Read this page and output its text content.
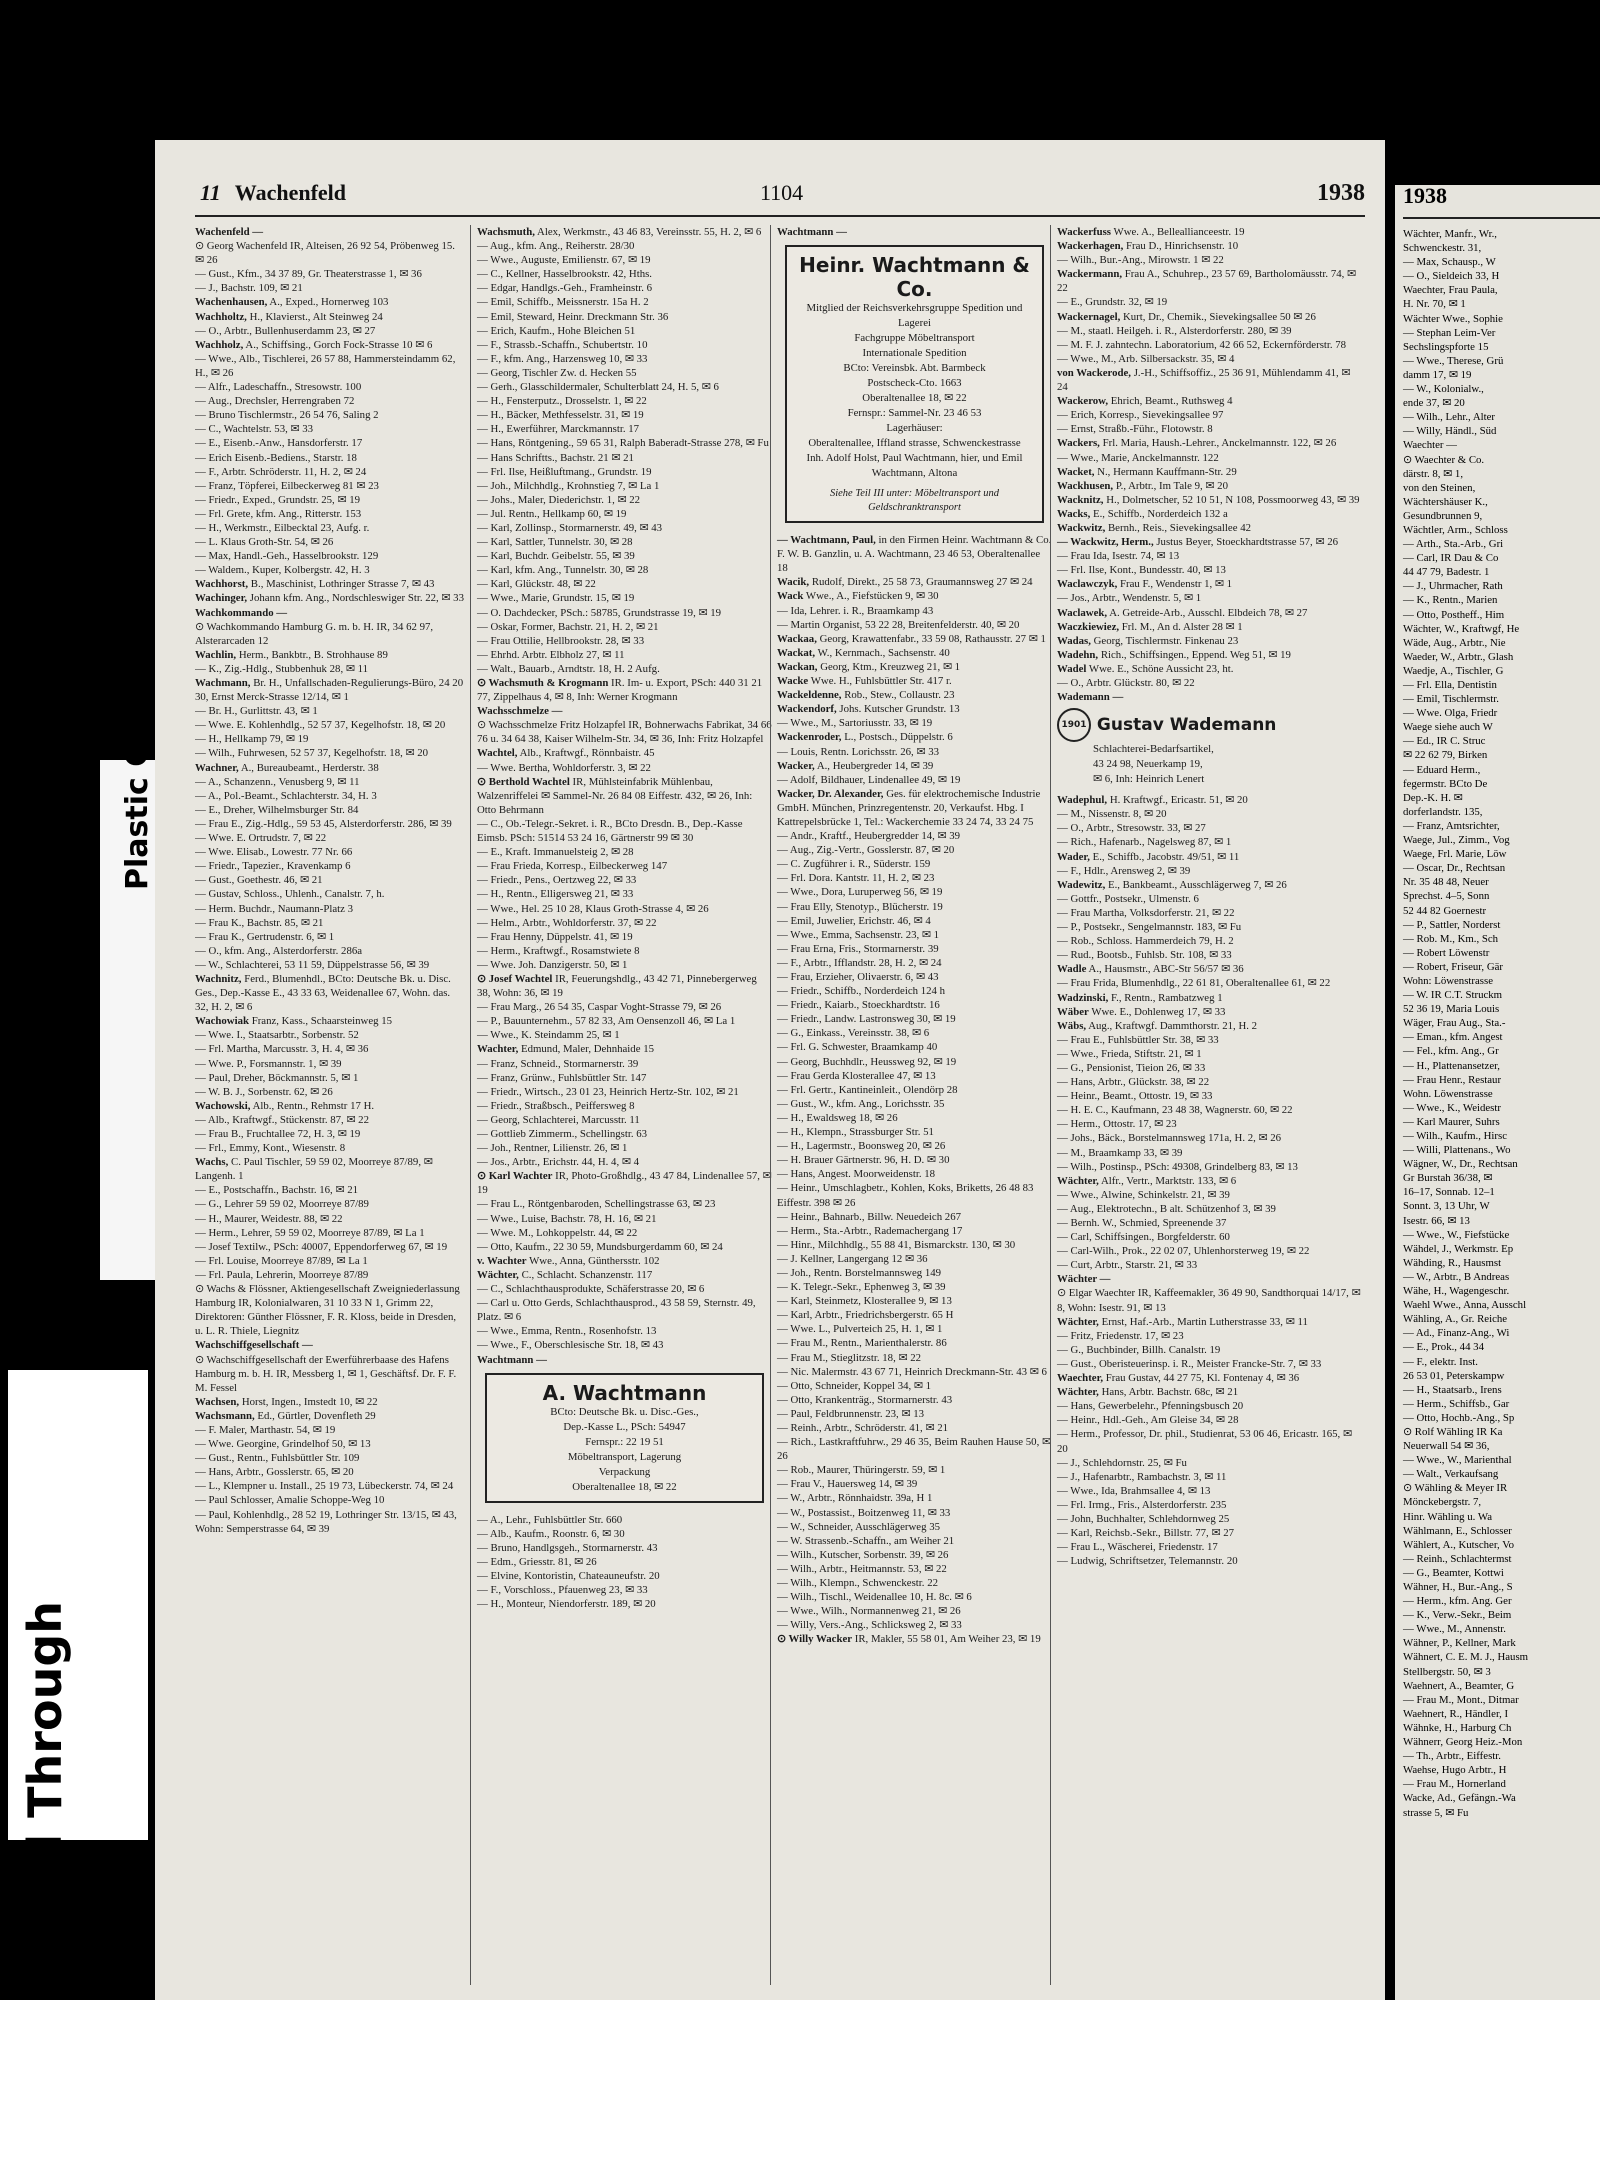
11 Wachenfeld	1104	1938
Wachenfeld —
⊙ Georg Wachenfeld IR, Alteisen, 26 92 54, Pröbenweg 15. ✉ 26
— Gust., Kfm., 34 37 89, Gr. Theaterstrasse 1, ✉ 36
— J., Bachstr. 109, ✉ 21
Wachenhausen, A., Exped., Hornerweg 103
Wachholtz, H., Klavierst., Alt Steinweg 24
— O., Arbtr., Bullenhuserdamm 23, ✉ 27
Wachholz, A., Schiffsing., Gorch Fock-Strasse 10 ✉ 6
— Wwe., Alb., Tischlerei, 26 57 88, Hammersteindamm 62, H., ✉ 26
— Alfr., Ladeschaffn., Stresowstr. 100
— Aug., Drechsler, Herrengraben 72
— Bruno Tischlermstr., 26 54 76, Saling 2
— C., Wachtelstr. 53, ✉ 33
— E., Eisenb.-Anw., Hansdorferstr. 17
— Erich Eisenb.-Bediens., Starstr. 18
— F., Arbtr. Schröderstr. 11, H. 2, ✉ 24
— Franz, Töpferei, Eilbeckerweg 81 ✉ 23
— Friedr., Exped., Grundstr. 25, ✉ 19
— Frl. Grete, kfm. Ang., Ritterstr. 153
— H., Werkmstr., Eilbecktal 23, Aufg. r.
— L. Klaus Groth-Str. 54, ✉ 26
— Max, Handl.-Geh., Hasselbrookstr. 129
— Waldem., Kuper, Kolbergstr. 42, H. 3
Wachhorst, B., Maschinist, Lothringer Strasse 7, ✉ 43
Wachinger, Johann kfm. Ang., Nordschleswiger Str. 22, ✉ 33
Wachkommando —
⊙ Wachkommando Hamburg G. m. b. H. IR, 34 62 97, Alsterarcaden 12
Wachlin, Herm., Bankbtr., B. Strohhause 89
— K., Zig.-Hdlg., Stubbenhuk 28, ✉ 11
Wachmann, Br. H., Unfallschaden-Regulierungs-Büro, 24 20 30, Ernst Merck-Strasse 12/14, ✉ 1
— Br. H., Gurlittstr. 43, ✉ 1
— Wwe. E. Kohlenhdlg., 52 57 37, Kegelhofstr. 18, ✉ 20
— H., Hellkamp 79, ✉ 19
— Wilh., Fuhrwesen, 52 57 37, Kegelhofstr. 18, ✉ 20
Wachner, A., Bureaubeamt., Herderstr. 38
— A., Schanzenn., Venusberg 9, ✉ 11
— A., Pol.-Beamt., Schlachterstr. 34, H. 3
— E., Dreher, Wilhelmsburger Str. 84
— Frau E., Zig.-Hdlg., 59 53 45, Alsterdorferstr. 286, ✉ 39
— Wwe. E. Ortrudstr. 7, ✉ 22
— Wwe. Elisab., Lowestr. 77 Nr. 66
— Friedr., Tapezier., Kravenkamp 6
— Gust., Goethestr. 46, ✉ 21
— Gustav, Schloss., Uhlenh., Canalstr. 7, h.
— Herm. Buchdr., Naumann-Platz 3
— Frau K., Bachstr. 85, ✉ 21
— Frau K., Gertrudenstr. 6, ✉ 1
— O., kfm. Ang., Alsterdorferstr. 286a
— W., Schlachterei, 53 11 59, Düppelstrasse 56, ✉ 39
Wachnitz, Ferd., Blumenhdl., BCto: Deutsche Bk. u. Disc. Ges., Dep.-Kasse E., 43 33 63, Weidenallee 67, Wohn. das. 32, H. 2, ✉ 6
Wachowiak Franz, Kass., Schaarsteinweg 15
— Wwe. I., Staatsarbtr., Sorbenstr. 52
— Frl. Martha, Marcusstr. 3, H. 4, ✉ 36
— Wwe. P., Forsmannstr. 1, ✉ 39
— Paul, Dreher, Böckmannstr. 5, ✉ 1
— W. B. J., Sorbenstr. 62, ✉ 26
Wachowski, Alb., Rentn., Rehmstr 17 H.
— Alb., Kraftwgf., Stückenstr. 87, ✉ 22
— Frau B., Fruchtallee 72, H. 3, ✉ 19
— Frl., Emmy, Kont., Wiesenstr. 8
Wachs, C. Paul Tischler, 59 59 02, Moorreye 87/89, ✉ Langenh. 1
— E., Postschaffn., Bachstr. 16, ✉ 21
— G., Lehrer 59 59 02, Moorreye 87/89
— H., Maurer, Weidestr. 88, ✉ 22
— Herm., Lehrer, 59 59 02, Moorreye 87/89, ✉ La 1
— Josef Textilw., PSch: 40007, Eppendorferweg 67, ✉ 19
— Frl. Louise, Moorreye 87/89, ✉ La 1
— Frl. Paula, Lehrerin, Moorreye 87/89
⊙ Wachs & Flössner, Aktiengesellschaft Zweigniederlassung Hamburg IR, Kolonialwaren, 31 10 33 N 1, Grimm 22, Direktoren: Günther Flössner, F. R. Kloss, beide in Dresden, u. L. R. Thiele, Liegnitz
Wachschiffgesellschaft —
⊙ Wachschiffgesellschaft der Ewerführerbaase des Hafens Hamburg m. b. H. IR, Messberg 1, ✉ 1, Geschäftsf. Dr. F. F. M. Fessel
Wachsen, Horst, Ingen., Imstedt 10, ✉ 22
Wachsmann, Ed., Gürtler, Dovenfleth 29
— F. Maler, Marthastr. 54, ✉ 19
— Wwe. Georgine, Grindelhof 50, ✉ 13
— Gust., Rentn., Fuhlsbüttler Str. 109
— Hans, Arbtr., Gosslerstr. 65, ✉ 20
— L., Klempner u. Install., 25 19 73, Lübeckerstr. 74, ✉ 24
— Paul Schlosser, Amalie Schoppe-Weg 10
— Paul, Kohlenhdlg., 28 52 19, Lothringer Str. 13/15, ✉ 43, Wohn: Semperstrasse 64, ✉ 39
Wachsmuth, Alex, Werkmstr., 43 46 83, Vereinsstr. 55, H. 2, ✉ 6
— Aug., kfm. Ang., Reiherstr. 28/30
— Wwe., Auguste, Emilienstr. 67, ✉ 19
— C., Kellner, Hasselbrookstr. 42, Hths.
— Edgar, Handlgs.-Geh., Framheinstr. 6
— Emil, Schiffb., Meissnerstr. 15a H. 2
— Emil, Steward, Heinr. Dreckmann Str. 36
— Erich, Kaufm., Hohe Bleichen 51
— F., Strassb.-Schaffn., Schubertstr. 10
— F., kfm. Ang., Harzensweg 10, ✉ 33
— Georg, Tischler Zw. d. Hecken 55
— Gerh., Glasschildermaler, Schulterblatt 24, H. 5, ✉ 6
— H., Fensterputz., Drosselstr. 1, ✉ 22
— H., Bäcker, Methfesselstr. 31, ✉ 19
— H., Ewerführer, Marckmannstr. 17
— Hans, Röntgening., 59 65 31, Ralph Baberadt-Strasse 278, ✉ Fu
— Hans Schriftts., Bachstr. 21 ✉ 21
— Frl. Ilse, Heißluftmang., Grundstr. 19
— Joh., Milchhdlg., Krohnstieg 7, ✉ La 1
— Johs., Maler, Diederichstr. 1, ✉ 22
— Jul. Rentn., Hellkamp 60, ✉ 19
— Karl, Zollinsp., Stormarnerstr. 49, ✉ 43
— Karl, Sattler, Tunnelstr. 30, ✉ 28
— Karl, Buchdr. Geibelstr. 55, ✉ 39
— Karl, kfm. Ang., Tunnelstr. 30, ✉ 28
— Karl, Glückstr. 48, ✉ 22
— Wwe., Marie, Grundstr. 15, ✉ 19
— O. Dachdecker, PSch.: 58785, Grundstrasse 19, ✉ 19
— Oskar, Former, Bachstr. 21, H. 2, ✉ 21
— Frau Ottilie, Hellbrookstr. 28, ✉ 33
— Ehrhd. Arbtr. Elbholz 27, ✉ 11
— Walt., Bauarb., Arndtstr. 18, H. 2 Aufg.
⊙ Wachsmuth & Krogmann IR. Im- u. Export, PSch: 440 31 21 77, Zippelhaus 4, ✉ 8, Inh: Werner Krogmann
Wachsschmelze —
⊙ Wachsschmelze Fritz Holzapfel IR, Bohnerwachs Fabrikat, 34 66 76 u. 34 64 38, Kaiser Wilhelm-Str. 34, ✉ 36, Inh: Fritz Holzapfel
Wachtel, Alb., Kraftwgf., Rönnbaistr. 45
— Wwe. Bertha, Wohldorferstr. 3, ✉ 22
⊙ Berthold Wachtel IR, Mühlsteinfabrik Mühlenbau, Walzenriffelei ✉ Sammel-Nr. 26 84 08 Eiffestr. 432, ✉ 26, Inh: Otto Behrmann
— C., Ob.-Telegr.-Sekret. i. R., BCto Dresdn. B., Dep.-Kasse Eimsb. PSch: 51514 53 24 16, Gärtnerstr 99 ✉ 30
— E., Kraft. Immanuelsteig 2, ✉ 28
— Frau Frieda, Korresp., Eilbeckerweg 147
— Friedr., Pens., Oertzweg 22, ✉ 33
— H., Rentn., Elligersweg 21, ✉ 33
— Wwe., Hel. 25 10 28, Klaus Groth-Strasse 4, ✉ 26
— Helm., Arbtr., Wohldorferstr. 37, ✉ 22
— Frau Henny, Düppelstr. 41, ✉ 19
— Herm., Kraftwgf., Rosamstwiete 8
— Wwe. Joh. Danzigerstr. 50, ✉ 1
⊙ Josef Wachtel IR, Feuerungshdlg., 43 42 71, Pinnebergerweg 38, Wohn: 36, ✉ 19
— Frau Marg., 26 54 35, Caspar Voght-Strasse 79, ✉ 26
— P., Bauunternehm., 57 82 33, Am Oensenzoll 46, ✉ La 1
— Wwe., K. Steindamm 25, ✉ 1
Wachter, Edmund, Maler, Dehnhaide 15
— Franz, Schneid., Stormarnerstr. 39
— Franz, Grünw., Fuhlsbüttler Str. 147
— Friedr., Wirtsch., 23 01 23, Heinrich Hertz-Str. 102, ✉ 21
— Friedr., Straßbsch., Peiffersweg 8
— Georg, Schlachterei, Marcusstr. 11
— Gottlieb Zimmerm., Schellingstr. 63
— Joh., Rentner, Lilienstr. 26, ✉ 1
— Jos., Arbtr., Erichstr. 44, H. 4, ✉ 4
⊙ Karl Wachter IR, Photo-Großhdlg., 43 47 84, Lindenallee 57, ✉ 19
— Frau L., Röntgenbaroden, Schellingstrasse 63, ✉ 23
— Wwe., Luise, Bachstr. 78, H. 16, ✉ 21
— Wwe. M., Lohkoppelstr. 44, ✉ 22
— Otto, Kaufm., 22 30 59, Mundsburgerdamm 60, ✉ 24
v. Wachter Wwe., Anna, Günthersstr. 102
Wächter, C., Schlacht. Schanzenstr. 117
— C., Schlachthausprodukte, Schäferstrasse 20, ✉ 6
— Carl u. Otto Gerds, Schlachthausprod., 43 58 59, Sternstr. 49, Platz. ✉ 6
— Wwe., Emma, Rentn., Rosenhofstr. 13
— Wwe., F., Oberschlesische Str. 18, ✉ 43
Wachtmann —
A. Wachtmann
BCto: Deutsche Bk. u. Disc.-Ges.,
Dep.-Kasse L., PSch: 54947
Fernspr.: 22 19 51
Möbeltransport, Lagerung
Verpackung
Oberaltenallee 18, ✉ 22
— A., Lehr., Fuhlsbüttler Str. 660
— Alb., Kaufm., Roonstr. 6, ✉ 30
— Bruno, Handlgsgeh., Stormarnerstr. 43
— Edm., Griesstr. 81, ✉ 26
— Elvine, Kontoristin, Chateauneufstr. 20
— F., Vorschloss., Pfauenweg 23, ✉ 33
— H., Monteur, Niendorferstr. 189, ✉ 20
Wachtmann —
Heinr. Wachtmann & Co.
Mitglied der Reichsverkehrsgruppe Spedition und Lagerei
Fachgruppe Möbeltransport
Internationale Spedition
BCto: Vereinsbk. Abt. Barmbeck
Postscheck-Cto. 1663
Oberaltenallee 18, ✉ 22
Fernspr.: Sammel-Nr. 23 46 53
Lagerhäuser:
Oberaltenallee, Iffland strasse, Schwenckestrasse
Inh. Adolf Holst, Paul Wachtmann, hier, und Emil Wachtmann, Altona
Siehe Teil III unter: Möbeltransport und Geldschranktransport
— Wachtmann, Paul, in den Firmen Heinr. Wachtmann & Co. F. W. B. Ganzlin, u. A. Wachtmann, 23 46 53, Oberaltenallee 18
Wacik, Rudolf, Direkt., 25 58 73, Graumannsweg 27 ✉ 24
Wack Wwe., A., Fiefstücken 9, ✉ 30
— Ida, Lehrer. i. R., Braamkamp 43
— Martin Organist, 53 22 28, Breitenfelderstr. 40, ✉ 20
Wackaa, Georg, Krawattenfabr., 33 59 08, Rathausstr. 27 ✉ 1
Wackat, W., Kernmach., Sachsenstr. 40
Wackan, Georg, Ktm., Kreuzweg 21, ✉ 1
Wacke Wwe. H., Fuhlsbüttler Str. 417 r.
Wackeldenne, Rob., Stew., Collaustr. 23
Wackendorf, Johs. Kutscher Grundstr. 13
— Wwe., M., Sartoriusstr. 33, ✉ 19
Wackenroder, L., Postsch., Düppelstr. 6
— Louis, Rentn. Lorichsstr. 26, ✉ 33
Wacker, A., Heubergreder 14, ✉ 39
— Adolf, Bildhauer, Lindenallee 49, ✉ 19
Wacker, Dr. Alexander, Ges. für elektrochemische Industrie GmbH. München, Prinzregentenstr. 20, Verkaufst. Hbg. I Kattrepelsbrücke 1, Tel.: Wackerchemie 33 24 74, 33 24 75
— Andr., Kraftf., Heubergredder 14, ✉ 39
— Aug., Zig.-Vertr., Gosslerstr. 87, ✉ 20
— C. Zugführer i. R., Süderstr. 159
— Frl. Dora. Kantstr. 11, H. 2, ✉ 23
— Wwe., Dora, Luruperweg 56, ✉ 19
— Frau Elly, Stenotyp., Blücherstr. 19
— Emil, Juwelier, Erichstr. 46, ✉ 4
— Wwe., Emma, Sachsenstr. 23, ✉ 1
— Frau Erna, Fris., Stormarnerstr. 39
— F., Arbtr., Ifflandstr. 28, H. 2, ✉ 24
— Frau, Erzieher, Olivaerstr. 6, ✉ 43
— Friedr., Schiffb., Norderdeich 124 h
— Friedr., Kaiarb., Stoeckhardtstr. 16
— Friedr., Landw. Lastronsweg 30, ✉ 19
— G., Einkass., Vereinsstr. 38, ✉ 6
— Frl. G. Schwester, Braamkamp 40
— Georg, Buchhdlr., Heussweg 92, ✉ 19
— Frau Gerda Klosterallee 47, ✉ 13
— Frl. Gertr., Kantineinleit., Olendörp 28
— Gust., W., kfm. Ang., Lorichsstr. 35
— H., Ewaldsweg 18, ✉ 26
— H., Klempn., Strassburger Str. 51
— H., Lagermstr., Boonsweg 20, ✉ 26
— H. Brauer Gärtnerstr. 96, H. D. ✉ 30
— Hans, Angest. Moorweidenstr. 18
— Heinr., Umschlagbetr., Kohlen, Koks, Briketts, 26 48 83 Eiffestr. 398 ✉ 26
— Heinr., Bahnarb., Billw. Neuedeich 267
— Herm., Sta.-Arbtr., Rademachergang 17
— Hinr., Milchhdlg., 55 88 41, Bismarckstr. 130, ✉ 30
— J. Kellner, Langergang 12 ✉ 36
— Joh., Rentn. Borstelmannsweg 149
— K. Telegr.-Sekr., Ephenweg 3, ✉ 39
— Karl, Steinmetz, Klosterallee 9, ✉ 13
— Karl, Arbtr., Friedrichsbergerstr. 65 H
— Wwe. L., Pulverteich 25, H. 1, ✉ 1
— Frau M., Rentn., Marienthalerstr. 86
— Frau M., Stieglitzstr. 18, ✉ 22
— Nic. Malermstr. 43 67 71, Heinrich Dreckmann-Str. 43 ✉ 6
— Otto, Schneider, Koppel 34, ✉ 1
— Otto, Krankenträg., Stormarnerstr. 43
— Paul, Feldbrunnenstr. 23, ✉ 13
— Reinh., Arbtr., Schröderstr. 41, ✉ 21
— Rich., Lastkraftfuhrw., 29 46 35, Beim Rauhen Hause 50, ✉ 26
— Rob., Maurer, Thüringerstr. 59, ✉ 1
— Frau V., Hauersweg 14, ✉ 39
— W., Arbtr., Rönnhaidstr. 39a, H 1
— W., Postassist., Boitzenweg 11, ✉ 33
— W., Schneider, Ausschlägerweg 35
— W. Strassenb.-Schaffn., am Weiher 21
— Wilh., Kutscher, Sorbenstr. 39, ✉ 26
— Wilh., Arbtr., Heitmannstr. 53, ✉ 22
— Wilh., Klempn., Schwenckestr. 22
— Wilh., Tischl., Weidenallee 10, H. 8c. ✉ 6
— Wwe., Wilh., Normannenweg 21, ✉ 26
— Willy, Vers.-Ang., Schlicksweg 2, ✉ 33
⊙ Willy Wacker IR, Makler, 55 58 01, Am Weiher 23, ✉ 19
Wackerfuss Wwe. A., Belleallianceestr. 19
Wackerhagen, Frau D., Hinrichsenstr. 10
— Wilh., Bur.-Ang., Mirowstr. 1 ✉ 22
Wackermann, Frau A., Schuhrep., 23 57 69, Bartholomäusstr. 74, ✉ 22
— E., Grundstr. 32, ✉ 19
Wackernagel, Kurt, Dr., Chemik., Sievekingsallee 50 ✉ 26
— M., staatl. Heilgeh. i. R., Alsterdorferstr. 280, ✉ 39
— M. F. J. zahntechn. Laboratorium, 42 66 52, Eckernförderstr. 78
— Wwe., M., Arb. Silbersackstr. 35, ✉ 4
von Wackerode, J.-H., Schiffsoffiz., 25 36 91, Mühlendamm 41, ✉ 24
Wackerow, Ehrich, Beamt., Ruthsweg 4
— Erich, Korresp., Sievekingsallee 97
— Ernst, Straßb.-Führ., Flotowstr. 8
Wackers, Frl. Maria, Haush.-Lehrer., Anckelmannstr. 122, ✉ 26
— Wwe., Marie, Anckelmannstr. 122
Wacket, N., Hermann Kauffmann-Str. 29
Wackhusen, P., Arbtr., Im Tale 9, ✉ 20
Wacknitz, H., Dolmetscher, 52 10 51, N 108, Possmoorweg 43, ✉ 39
Wacks, E., Schiffb., Norderdeich 132 a
Wackwitz, Bernh., Reis., Sievekingsallee 42
— Wackwitz, Herm., Justus Beyer, Stoeckhardtstrasse 57, ✉ 26
— Frau Ida, Isestr. 74, ✉ 13
— Frl. Ilse, Kont., Bundesstr. 40, ✉ 13
Waclawczyk, Frau F., Wendenstr 1, ✉ 1
— Jos., Arbtr., Wendenstr. 5, ✉ 1
Waclawek, A. Getreide-Arb., Ausschl. Elbdeich 78, ✉ 27
Waczkiewiez, Frl. M., An d. Alster 28 ✉ 1
Wadas, Georg, Tischlermstr. Finkenau 23
Wadehn, Rich., Schiffsingen., Eppend. Weg 51, ✉ 19
Wadel Wwe. E., Schöne Aussicht 23, ht.
— O., Arbtr. Glückstr. 80, ✉ 22
Wademann —
1901 Gustav Wademann
Schlachterei-Bedarfsartikel,
43 24 98, Neuerkamp 19,
✉ 6, Inh: Heinrich Lenert
Wadephul, H. Kraftwgf., Ericastr. 51, ✉ 20
— M., Nissenstr. 8, ✉ 20
— O., Arbtr., Stresowstr. 33, ✉ 27
— Rich., Hafenarb., Nagelsweg 87, ✉ 1
Wader, E., Schiffb., Jacobstr. 49/51, ✉ 11
— F., Hdlr., Arensweg 2, ✉ 39
Wadewitz, E., Bankbeamt., Ausschlägerweg 7, ✉ 26
— Gottfr., Postsekr., Ulmenstr. 6
— Frau Martha, Volksdorferstr. 21, ✉ 22
— P., Postsekr., Sengelmannstr. 183, ✉ Fu
— Rob., Schloss. Hammerdeich 79, H. 2
— Rud., Bootsb., Fuhlsb. Str. 108, ✉ 33
Wadle A., Hausmstr., ABC-Str 56/57 ✉ 36
— Frau Frida, Blumenhdlg., 22 61 81, Oberaltenallee 61, ✉ 22
Wadzinski, F., Rentn., Rambatzweg 1
Wäber Wwe. E., Dohlenweg 17, ✉ 33
Wäbs, Aug., Kraftwgf. Dammthorstr. 21, H. 2
— Frau E., Fuhlsbüttler Str. 38, ✉ 33
— Wwe., Frieda, Stiftstr. 21, ✉ 1
— G., Pensionist, Tieion 26, ✉ 33
— Hans, Arbtr., Glückstr. 38, ✉ 22
— Heinr., Beamt., Ottostr. 19, ✉ 33
— H. E. C., Kaufmann, 23 48 38, Wagnerstr. 60, ✉ 22
— Herm., Ottostr. 17, ✉ 23
— Johs., Bäck., Borstelmannsweg 171a, H. 2, ✉ 26
— M., Braamkamp 33, ✉ 39
— Wilh., Postinsp., PSch: 49308, Grindelberg 83, ✉ 13
Wächter, Alfr., Vertr., Marktstr. 133, ✉ 6
— Wwe., Alwine, Schinkelstr. 21, ✉ 39
— Aug., Elektrotechn., B alt. Schützenhof 3, ✉ 39
— Bernh. W., Schmied, Spreenende 37
— Carl, Schiffsingen., Borgfelderstr. 60
— Carl-Wilh., Prok., 22 02 07, Uhlenhorsterweg 19, ✉ 22
— Curt, Arbtr., Starstr. 21, ✉ 33
Wächter —
⊙ Elgar Waechter IR, Kaffeemakler, 36 49 90, Sandthorquai 14/17, ✉ 8, Wohn: Isestr. 91, ✉ 13
Wächter, Ernst, Haf.-Arb., Martin Lutherstrasse 33, ✉ 11
— Fritz, Friedenstr. 17, ✉ 23
— G., Buchbinder, Billh. Canalstr. 19
— Gust., Oberisteuerinsp. i. R., Meister Francke-Str. 7, ✉ 33
Waechter, Frau Gustav, 44 27 75, Kl. Fontenay 4, ✉ 36
Wächter, Hans, Arbtr. Bachstr. 68c, ✉ 21
— Hans, Gewerbelehr., Pfenningsbusch 20
— Heinr., Hdl.-Geh., Am Gleise 34, ✉ 28
— Herm., Professor, Dr. phil., Studienrat, 53 06 46, Ericastr. 165, ✉ 20
— J., Schlehdornstr. 25, ✉ Fu
— J., Hafenarbtr., Rambachstr. 3, ✉ 11
— Wwe., Ida, Brahmsallee 4, ✉ 13
— Frl. Irmg., Fris., Alsterdorferstr. 235
— John, Buchhalter, Schlehdornweg 25
— Karl, Reichsb.-Sekr., Billstr. 77, ✉ 27
— Frau L., Wäscherei, Friedenstr. 17
— Ludwig, Schriftsetzer, Telemannstr. 20
1938
Wächter, Manfr., Wr.,
Schwenckestr. 31,
— Max, Schausp., W
— O., Sieldeich 33, H
Waechter, Frau Paula,
H. Nr. 70, ✉ 1
Wächter Wwe., Sophie
— Stephan Leim-Ver
Sechslingspforte 15
— Wwe., Therese, Grü
damm 17, ✉ 19
— W., Kolonialw.,
ende 37, ✉ 20
— Wilh., Lehr., Alter
— Willy, Händl., Süd
Waechter —
⊙ Waechter & Co.
därstr. 8, ✉ 1,
von den Steinen,
Wächtershäuser K.,
Gesundbrunnen 9,
Wächtler, Arm., Schloss
— Arth., Sta.-Arb., Gri
— Carl, IR Dau & Co
44 47 79, Badestr. 1
— J., Uhrmacher, Rath
— K., Rentn., Marien
— Otto, Postheff., Him
Wächter, W., Kraftwgf, He
Wäde, Aug., Arbtr., Nie
Waeder, W., Arbtr., Glash
Waedje, A., Tischler, G
— Frl. Ella, Dentistin
— Emil, Tischlermstr.
— Wwe. Olga, Friedr
Waege siehe auch W
— Ed., IR C. Struc
✉ 22 62 79, Birken
— Eduard Herm.,
fegermstr. BCto De
Dep.-K. H. ✉
dorferlandstr. 135,
— Franz, Amtsrichter,
Waege, Jul., Zimm., Vog
Waege, Frl. Marie, Löw
— Oscar, Dr., Rechtsan
Nr. 35 48 48, Neuer
Sprechst. 4–5, Sonn
52 44 82 Goernestr
— P., Sattler, Norderst
— Rob. M., Km., Sch
— Robert Löwenstr
— Robert, Friseur, Gär
Wohn: Löwenstrasse
— W. IR C.T. Struckm
52 36 19, Maria Louis
Wäger, Frau Aug., Sta.-
— Eman., kfm. Angest
— Fel., kfm. Ang., Gr
— H., Plattenansetzer,
— Frau Henr., Restaur
Wohn. Löwenstrasse
— Wwe., K., Weidestr
— Karl Maurer, Suhrs
— Wilh., Kaufm., Hirsc
— Willi, Plattenans., Wo
Wägner, W., Dr., Rechtsan
Gr Burstah 36/38, ✉
16–17, Sonnab. 12–1
Sonnt. 3, 13 Uhr, W
Isestr. 66, ✉ 13
— Wwe., W., Fiefstücke
Wähdel, J., Werkmstr. Ep
Wähding, R., Hausmst
— W., Arbtr., B Andreas
Wähe, H., Wagengeschr.
Waehl Wwe., Anna, Ausschl
Wähling, A., Gr. Reiche
— Ad., Finanz-Ang., Wi
— E., Prok., 44 34
— F., elektr. Inst.
26 53 01, Peterskampw
— H., Staatsarb., Irens
— Herm., Schiffsb., Gar
— Otto, Hochb.-Ang., Sp
⊙ Rolf Wähling IR Ka
Neuerwall 54 ✉ 36,
— Wwe., W., Marienthal
— Walt., Verkaufsang
⊙ Wähling & Meyer IR
Mönckebergstr. 7,
Hinr. Wähling u. Wa
Wählmann, E., Schlosser
Wählert, A., Kutscher, Vo
— Reinh., Schlachtermst
— G., Beamter, Kottwi
Wähner, H., Bur.-Ang., S
— Herm., kfm. Ang. Ger
— K., Verw.-Sekr., Beim
— Wwe., M., Annenstr.
Wähner, P., Kellner, Mark
Wähnert, C. E. M. J., Hausm
Stellbergstr. 50, ✉ 3
Waehnert, A., Beamter, G
— Frau M., Mont., Ditmar
Waehnert, R., Händler, I
Wähnke, H., Harburg Ch
Wähnerr, Georg Heiz.-Mon
— Th., Arbtr., Eiffestr.
Waehse, Hugo Arbtr., H
— Frau M., Hornerland
Wacke, Ad., Gefängn.-Wa
strasse 5, ✉ Fu
Bleed Through
Repaired Document Plastic Covered Document
